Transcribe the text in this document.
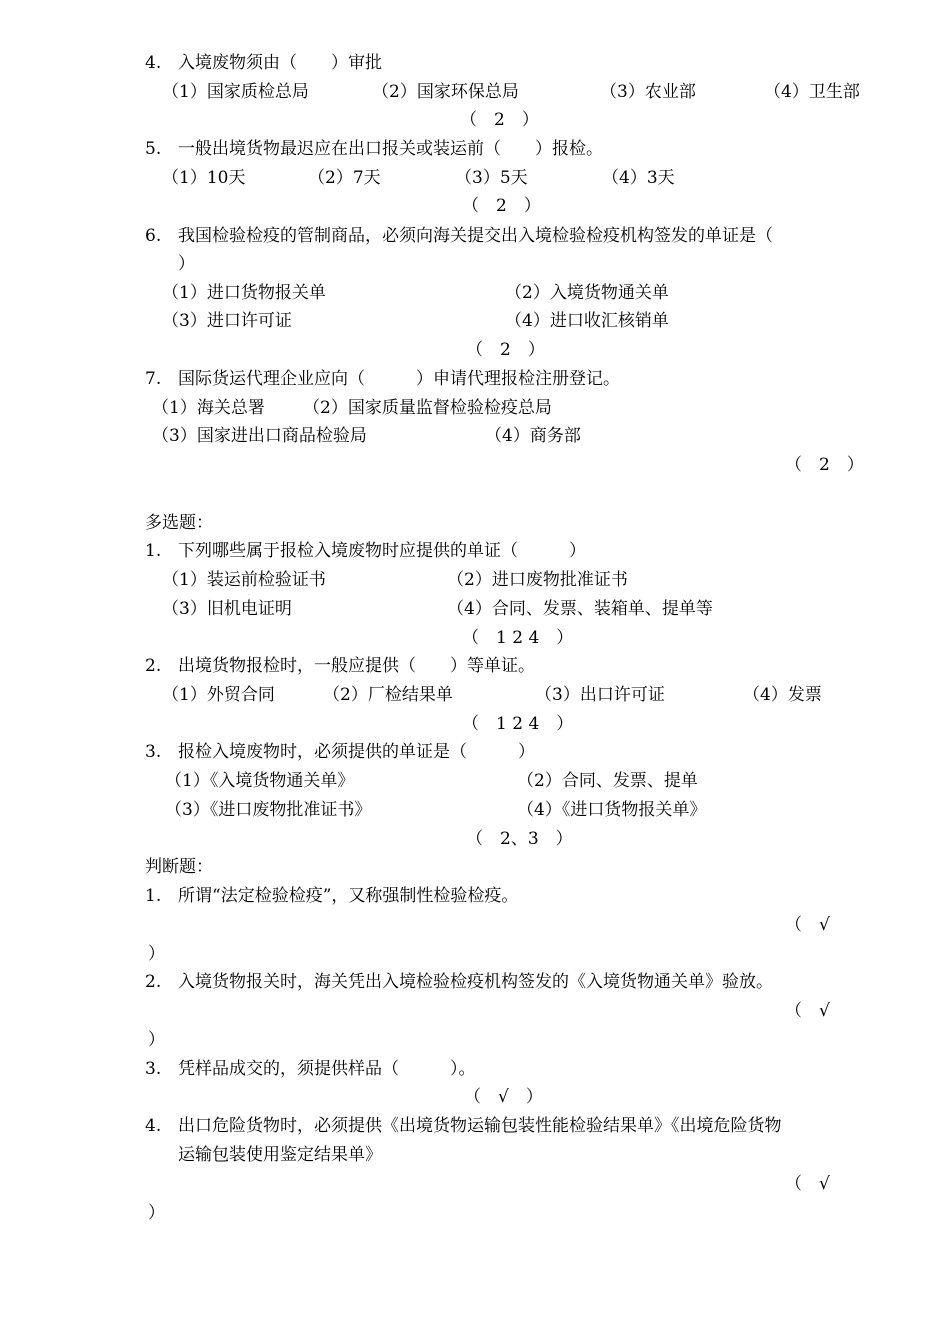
4. 入境废物须由（　　）审批
（1）国家质检总局	（2）国家环保总局	（3）农业部	（4）卫生部
（　2　）
5. 一般出境货物最迟应在出口报关或装运前（　　）报检。
（1）10天	（2）7天	（3）5天	（4）3天
（　2　）
6. 我国检验检疫的管制商品，必须向海关提交出入境检验检疫机构签发的单证是（
）
（1）进口货物报关单	（2）入境货物通关单
（3）进口许可证	（4）进口收汇核销单
（　2　）
7. 国际货运代理企业应向（　　　）申请代理报检注册登记。
（1）海关总署 （2）国家质量监督检验检疫总局
（3）国家进出口商品检验局	（4）商务部
（　2　）
多选题：
1. 下列哪些属于报检入境废物时应提供的单证（　　　）
（1）装运前检验证书	（2）进口废物批准证书
（3）旧机电证明	（4）合同、发票、装箱单、提单等
（　1 2 4　）
2. 出境货物报检时，一般应提供（　　）等单证。
（1）外贸合同	（2）厂检结果单	（3）出口许可证	（4）发票
（　1 2 4　）
3. 报检入境废物时，必须提供的单证是（　　　）
（1）《入境货物通关单》	（2）合同、发票、提单
（3）《进口废物批准证书》	（4）《进口货物报关单》
（　2、3　）
判断题：
1. 所谓“法定检验检疫”，又称强制性检验检疫。
（　√
）
2. 入境货物报关时，海关凭出入境检验检疫机构签发的《入境货物通关单》验放。
（　√
）
3. 凭样品成交的，须提供样品（　　　）。
（　√　）
4. 出口危险货物时，必须提供《出境货物运输包装性能检验结果单》《出境危险货物
运输包装使用鉴定结果单》
（　√
）
